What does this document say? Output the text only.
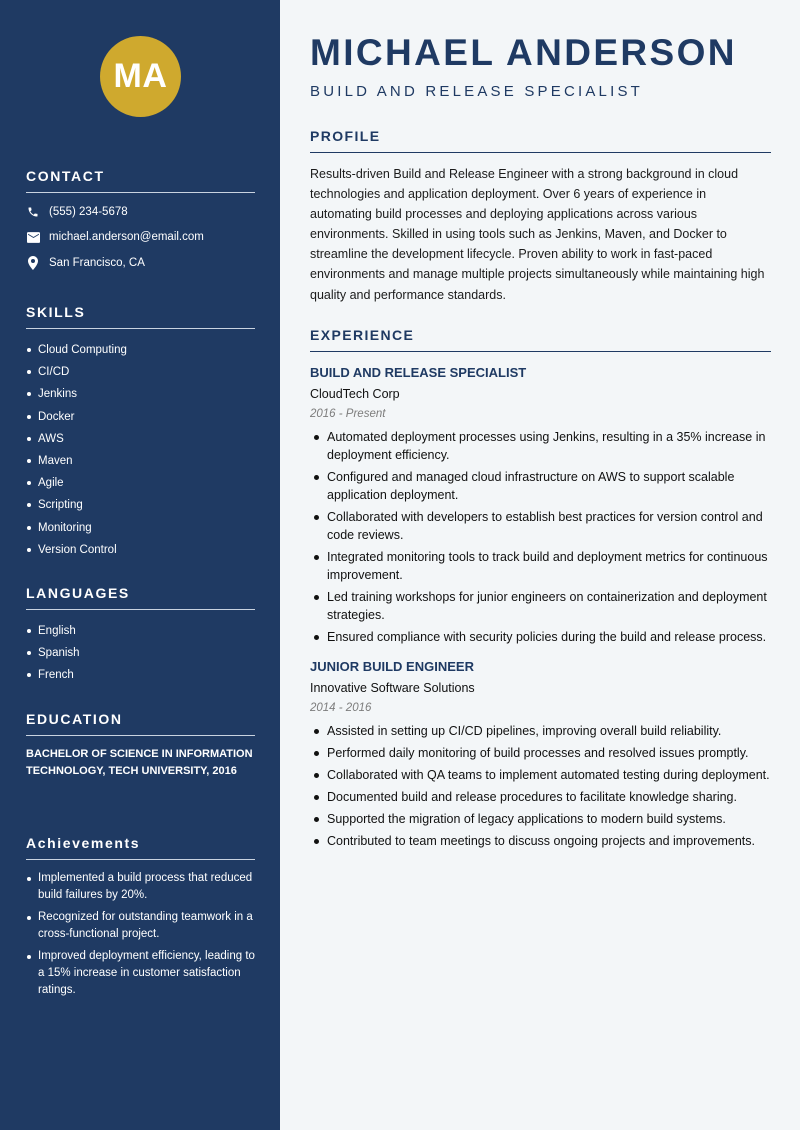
MA
CONTACT
(555) 234-5678
michael.anderson@email.com
San Francisco, CA
SKILLS
Cloud Computing
CI/CD
Jenkins
Docker
AWS
Maven
Agile
Scripting
Monitoring
Version Control
LANGUAGES
English
Spanish
French
EDUCATION
BACHELOR OF SCIENCE IN INFORMATION TECHNOLOGY, TECH UNIVERSITY, 2016
Achievements
Implemented a build process that reduced build failures by 20%.
Recognized for outstanding teamwork in a cross-functional project.
Improved deployment efficiency, leading to a 15% increase in customer satisfaction ratings.
MICHAEL ANDERSON
BUILD AND RELEASE SPECIALIST
PROFILE

Results-driven Build and Release Engineer with a strong background in cloud technologies and application deployment. Over 6 years of experience in automating build processes and deploying applications across various environments. Skilled in using tools such as Jenkins, Maven, and Docker to streamline the development lifecycle. Proven ability to work in fast-paced environments and manage multiple projects simultaneously while maintaining high quality and performance standards.

EXPERIENCE
BUILD AND RELEASE SPECIALIST
CloudTech Corp
2016 - Present
Automated deployment processes using Jenkins, resulting in a 35% increase in deployment efficiency.
Configured and managed cloud infrastructure on AWS to support scalable application deployment.
Collaborated with developers to establish best practices for version control and code reviews.
Integrated monitoring tools to track build and deployment metrics for continuous improvement.
Led training workshops for junior engineers on containerization and deployment strategies.
Ensured compliance with security policies during the build and release process.
JUNIOR BUILD ENGINEER
Innovative Software Solutions
2014 - 2016
Assisted in setting up CI/CD pipelines, improving overall build reliability.
Performed daily monitoring of build processes and resolved issues promptly.
Collaborated with QA teams to implement automated testing during deployment.
Documented build and release procedures to facilitate knowledge sharing.
Supported the migration of legacy applications to modern build systems.
Contributed to team meetings to discuss ongoing projects and improvements.
